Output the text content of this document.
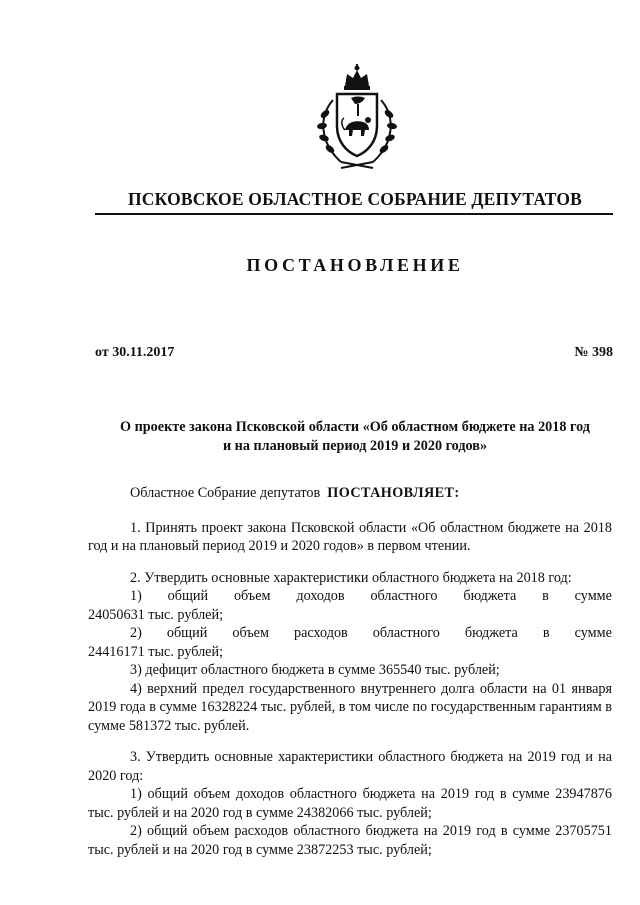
ПСКОВСКОЕ ОБЛАСТНОЕ СОБРАНИЕ ДЕПУТАТОВ
ПОСТАНОВЛЕНИЕ
от 30.11.2017	№ 398
О проекте закона Псковской области «Об областном бюджете на 2018 год
и на плановый период 2019 и 2020 годов»

Областное Собрание депутатов ПОСТАНОВЛЯЕТ:

1. Принять проект закона Псковской области «Об областном бюджете на 2018 год и на плановый период 2019 и 2020 годов» в первом чтении.

2. Утвердить основные характеристики областного бюджета на 2018 год:

1) общий объем доходов областного бюджета в сумме

24050631 тыс. рублей;

2) общий объем расходов областного бюджета в сумме

24416171 тыс. рублей;

3) дефицит областного бюджета в сумме 365540 тыс. рублей;

4) верхний предел государственного внутреннего долга области на 01 января 2019 года в сумме 16328224 тыс. рублей, в том числе по государственным гарантиям в сумме 581372 тыс. рублей.

3. Утвердить основные характеристики областного бюджета на 2019 год и на 2020 год:

1) общий объем доходов областного бюджета на 2019 год в сумме 23947876 тыс. рублей и на 2020 год в сумме 24382066 тыс. рублей;

2) общий объем расходов областного бюджета на 2019 год в сумме 23705751 тыс. рублей и на 2020 год в сумме 23872253 тыс. рублей;
